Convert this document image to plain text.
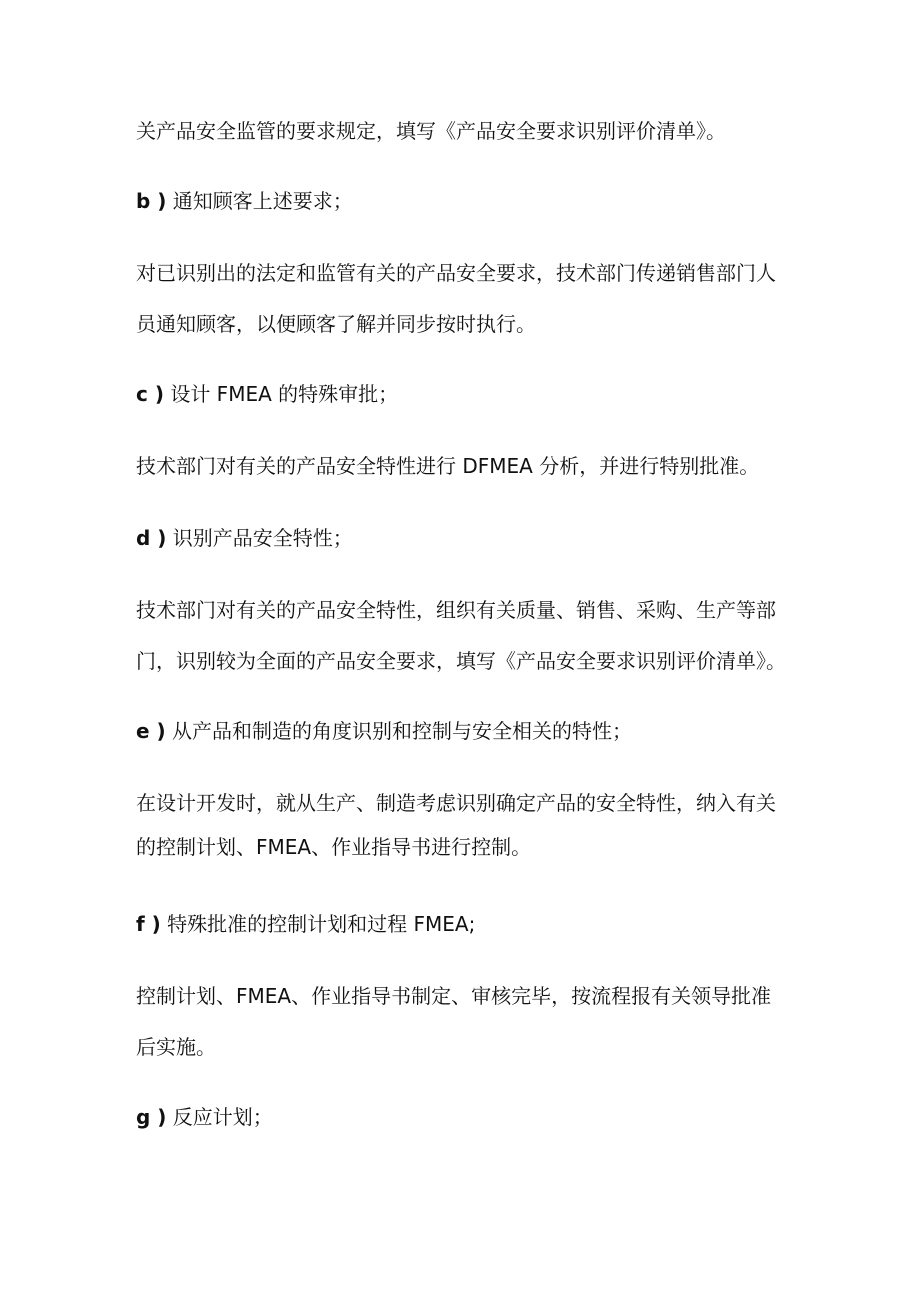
关产品安全监管的要求规定，填写《产品安全要求识别评价清单》。
b ) 通知顾客上述要求；
对已识别出的法定和监管有关的产品安全要求，技术部门传递销售部门人
员通知顾客，以便顾客了解并同步按时执行。
c ) 设计 FMEA 的特殊审批；
技术部门对有关的产品安全特性进行 DFMEA 分析，并进行特别批准。
d ) 识别产品安全特性；
技术部门对有关的产品安全特性，组织有关质量、销售、采购、生产等部
门，识别较为全面的产品安全要求，填写《产品安全要求识别评价清单》。
e ) 从产品和制造的角度识别和控制与安全相关的特性；
在设计开发时，就从生产、制造考虑识别确定产品的安全特性，纳入有关
的控制计划、FMEA、作业指导书进行控制。
f ) 特殊批准的控制计划和过程 FMEA;
控制计划、FMEA、作业指导书制定、审核完毕，按流程报有关领导批准
后实施。
g ) 反应计划；
